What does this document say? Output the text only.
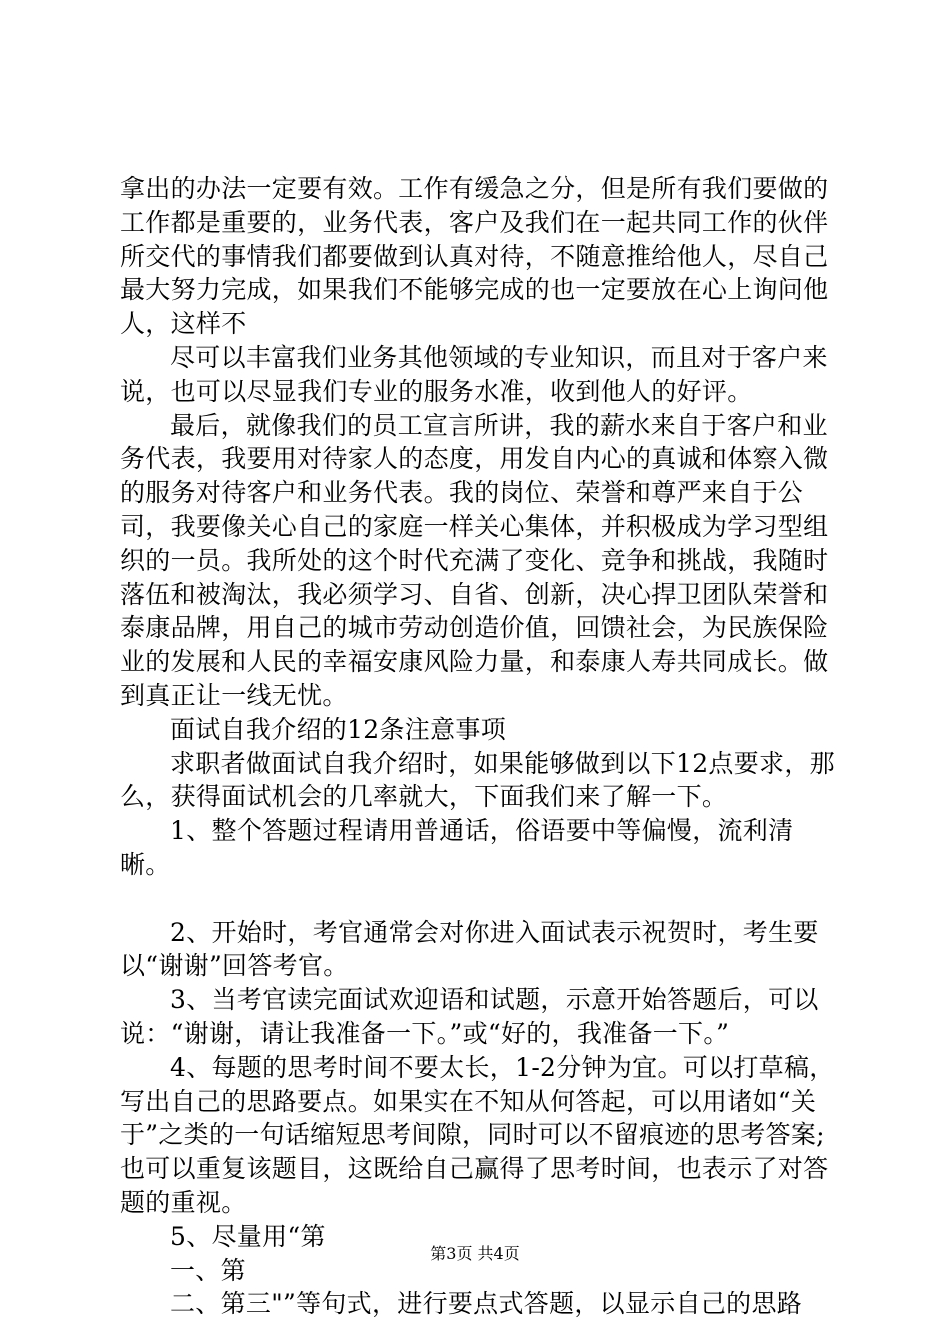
拿出的办法一定要有效。工作有缓急之分，但是所有我们要做的工作都是重要的，业务代表，客户及我们在一起共同工作的伙伴所交代的事情我们都要做到认真对待，不随意推给他人，尽自己最大努力完成，如果我们不能够完成的也一定要放在心上询问他人，这样不

尽可以丰富我们业务其他领域的专业知识，而且对于客户来说，也可以尽显我们专业的服务水准，收到他人的好评。

最后，就像我们的员工宣言所讲，我的薪水来自于客户和业务代表，我要用对待家人的态度，用发自内心的真诚和体察入微的服务对待客户和业务代表。我的岗位、荣誉和尊严来自于公司，我要像关心自己的家庭一样关心集体，并积极成为学习型组织的一员。我所处的这个时代充满了变化、竞争和挑战，我随时落伍和被淘汰，我必须学习、自省、创新，决心捍卫团队荣誉和泰康品牌，用自己的城市劳动创造价值，回馈社会，为民族保险业的发展和人民的幸福安康风险力量，和泰康人寿共同成长。做到真正让一线无忧。

面试自我介绍的12条注意事项

求职者做面试自我介绍时，如果能够做到以下12点要求，那么，获得面试机会的几率就大，下面我们来了解一下。

1、整个答题过程请用普通话，俗语要中等偏慢，流利清晰。

2、开始时，考官通常会对你进入面试表示祝贺时，考生要以“谢谢”回答考官。

3、当考官读完面试欢迎语和试题，示意开始答题后，可以说：“谢谢，请让我准备一下。”或“好的，我准备一下。”

4、每题的思考时间不要太长，1-2分钟为宜。可以打草稿，写出自己的思路要点。如果实在不知从何答起，可以用诸如“关于”之类的一句话缩短思考间隙，同时可以不留痕迹的思考答案;也可以重复该题目，这既给自己赢得了思考时间，也表示了对答题的重视。

5、尽量用“第

一、第

二、第三"”等句式，进行要点式答题，以显示自己的思路

第3页 共4页
